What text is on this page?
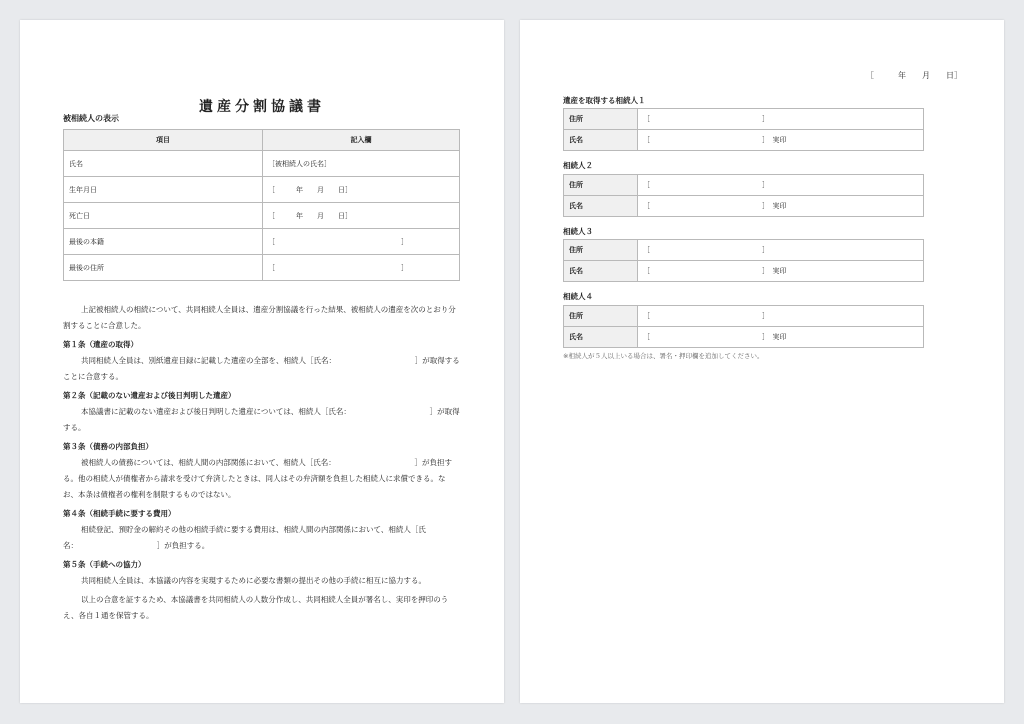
遺産分割協議書
被相続人の表示
項目	記入欄
氏名	［被相続人の氏名］
生年月日	［　　　年　　月　　日］
死亡日	［　　　年　　月　　日］
最後の本籍	［　　　　　　　　　　　　　　　　　　］
最後の住所	［　　　　　　　　　　　　　　　　　　］

上記被相続人の相続について、共同相続人全員は、遺産分割協議を行った結果、被相続人の遺産を次のとおり分割することに合意した。

第１条（遺産の取得）

共同相続人全員は、別紙遺産目録に記載した遺産の全部を、相続人［氏名：　　　　　　　　　　　］が取得することに合意する。

第２条（記載のない遺産および後日判明した遺産）

本協議書に記載のない遺産および後日判明した遺産については、相続人［氏名：　　　　　　　　　　　］が取得する。

第３条（債務の内部負担）

被相続人の債務については、相続人間の内部関係において、相続人［氏名：　　　　　　　　　　　］が負担する。他の相続人が債権者から請求を受けて弁済したときは、同人はその弁済額を負担した相続人に求償できる。なお、本条は債権者の権利を制限するものではない。

第４条（相続手続に要する費用）

相続登記、預貯金の解約その他の相続手続に要する費用は、相続人間の内部関係において、相続人［氏名：　　　　　　　　　　　］が負担する。

第５条（手続への協力）

共同相続人全員は、本協議の内容を実現するために必要な書類の提出その他の手続に相互に協力する。

以上の合意を証するため、本協議書を共同相続人の人数分作成し、共同相続人全員が署名し、実印を押印のうえ、各自１通を保管する。

［　　　年　　月　　日］
遺産を取得する相続人１
住所	［　　　　　　　　　　　　　　　　］
氏名	［　　　　　　　　　　　　　　　　］　実印
相続人２
住所	［　　　　　　　　　　　　　　　　］
氏名	［　　　　　　　　　　　　　　　　］　実印
相続人３
住所	［　　　　　　　　　　　　　　　　］
氏名	［　　　　　　　　　　　　　　　　］　実印
相続人４
住所	［　　　　　　　　　　　　　　　　］
氏名	［　　　　　　　　　　　　　　　　］　実印
※相続人が５人以上いる場合は、署名・押印欄を追加してください。
